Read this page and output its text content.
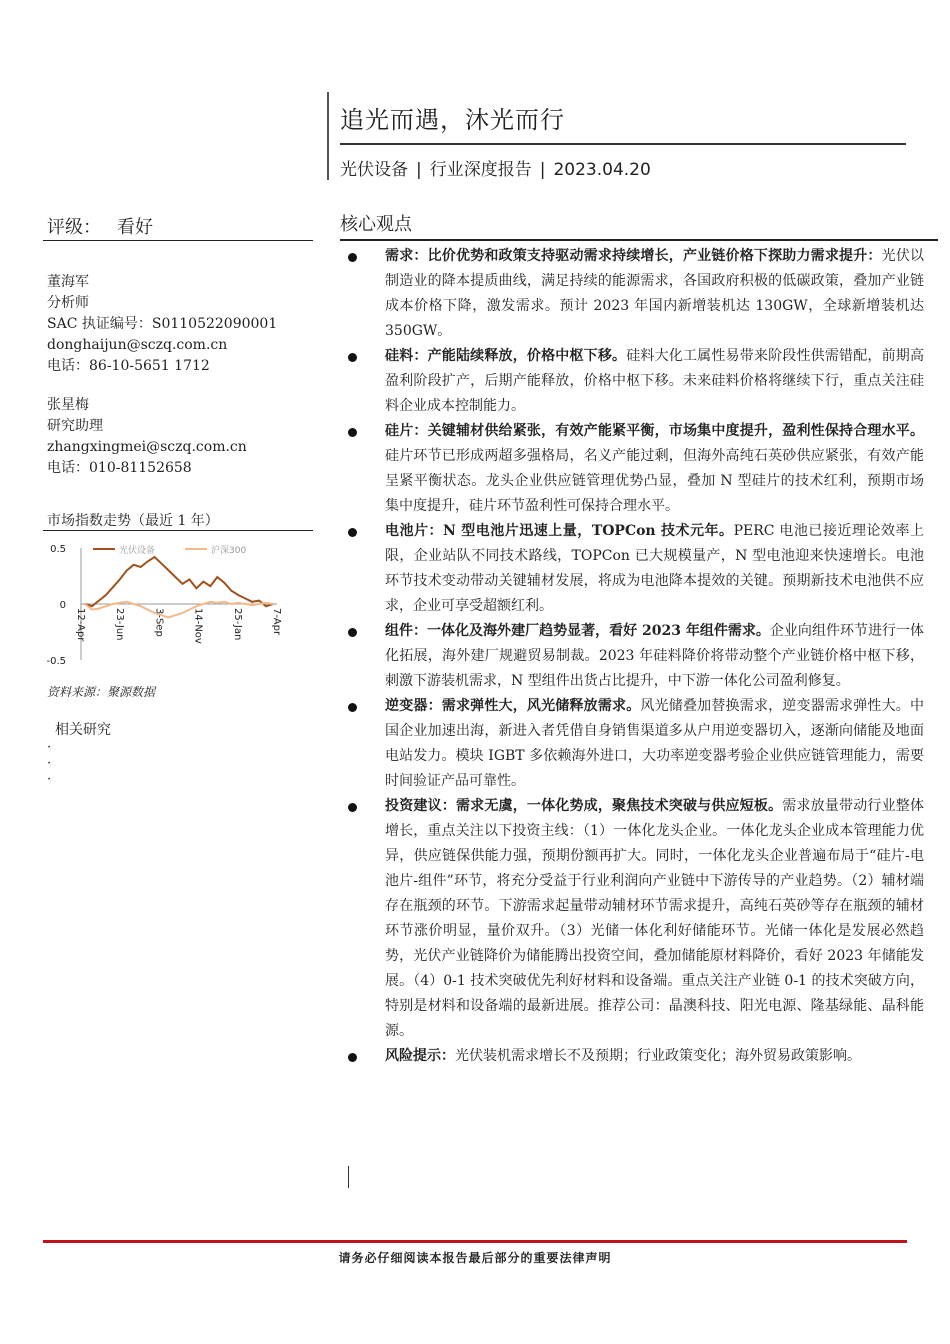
追光而遇，沐光而行
光伏设备 | 行业深度报告 | 2023.04.20
评级： 看好

董海军

分析师

SAC 执证编号：S0110522090001

donghaijun@sczq.com.cn

电话：86-10-5651 1712

张星梅

研究助理

zhangxingmei@sczq.com.cn

电话：010-81152658

市场指数走势（最近 1 年）
0.5
0
-0.5
12-Apr	23-Jun	3-Sep	14-Nov	25-Jan	7-Apr
光伏设备	沪深300
资料来源：聚源数据
相关研究

·

·

·

核心观点
需求：比价优势和政策支持驱动需求持续增长，产业链价格下探助力需求提升：光伏以制造业的降本提质曲线，满足持续的能源需求，各国政府积极的低碳政策，叠加产业链成本价格下降，激发需求。预计 2023 年国内新增装机达 130GW，全球新增装机达 350GW。
硅料：产能陆续释放，价格中枢下移。硅料大化工属性易带来阶段性供需错配，前期高盈利阶段扩产，后期产能释放，价格中枢下移。未来硅料价格将继续下行，重点关注硅料企业成本控制能力。
硅片：关键辅材供给紧张，有效产能紧平衡，市场集中度提升，盈利性保持合理水平。硅片环节已形成两超多强格局，名义产能过剩，但海外高纯石英砂供应紧张，有效产能呈紧平衡状态。龙头企业供应链管理优势凸显，叠加 N 型硅片的技术红利，预期市场集中度提升，硅片环节盈利性可保持合理水平。
电池片：N 型电池片迅速上量，TOPCon 技术元年。PERC 电池已接近理论效率上限，企业站队不同技术路线，TOPCon 已大规模量产，N 型电池迎来快速增长。电池环节技术变动带动关键辅材发展，将成为电池降本提效的关键。预期新技术电池供不应求，企业可享受超额红利。
组件：一体化及海外建厂趋势显著，看好 2023 年组件需求。企业向组件环节进行一体化拓展，海外建厂规避贸易制裁。2023 年硅料降价将带动整个产业链价格中枢下移，刺激下游装机需求，N 型组件出货占比提升，中下游一体化公司盈利修复。
逆变器：需求弹性大，风光储释放需求。风光储叠加替换需求，逆变器需求弹性大。中国企业加速出海，新进入者凭借自身销售渠道多从户用逆变器切入，逐渐向储能及地面电站发力。模块 IGBT 多依赖海外进口，大功率逆变器考验企业供应链管理能力，需要时间验证产品可靠性。
投资建议：需求无虞，一体化势成，聚焦技术突破与供应短板。需求放量带动行业整体增长，重点关注以下投资主线：（1）一体化龙头企业。一体化龙头企业成本管理能力优异，供应链保供能力强，预期份额再扩大。同时，一体化龙头企业普遍布局于“硅片-电池片-组件”环节，将充分受益于行业利润向产业链中下游传导的产业趋势。（2）辅材端存在瓶颈的环节。下游需求起量带动辅材环节需求提升，高纯石英砂等存在瓶颈的辅材环节涨价明显，量价双升。（3）光储一体化利好储能环节。光储一体化是发展必然趋势，光伏产业链降价为储能腾出投资空间，叠加储能原材料降价，看好 2023 年储能发展。（4）0-1 技术突破优先利好材料和设备端。重点关注产业链 0-1 的技术突破方向，特别是材料和设备端的最新进展。推荐公司：晶澳科技、阳光电源、隆基绿能、晶科能源。
风险提示：光伏装机需求增长不及预期；行业政策变化；海外贸易政策影响。
请务必仔细阅读本报告最后部分的重要法律声明
